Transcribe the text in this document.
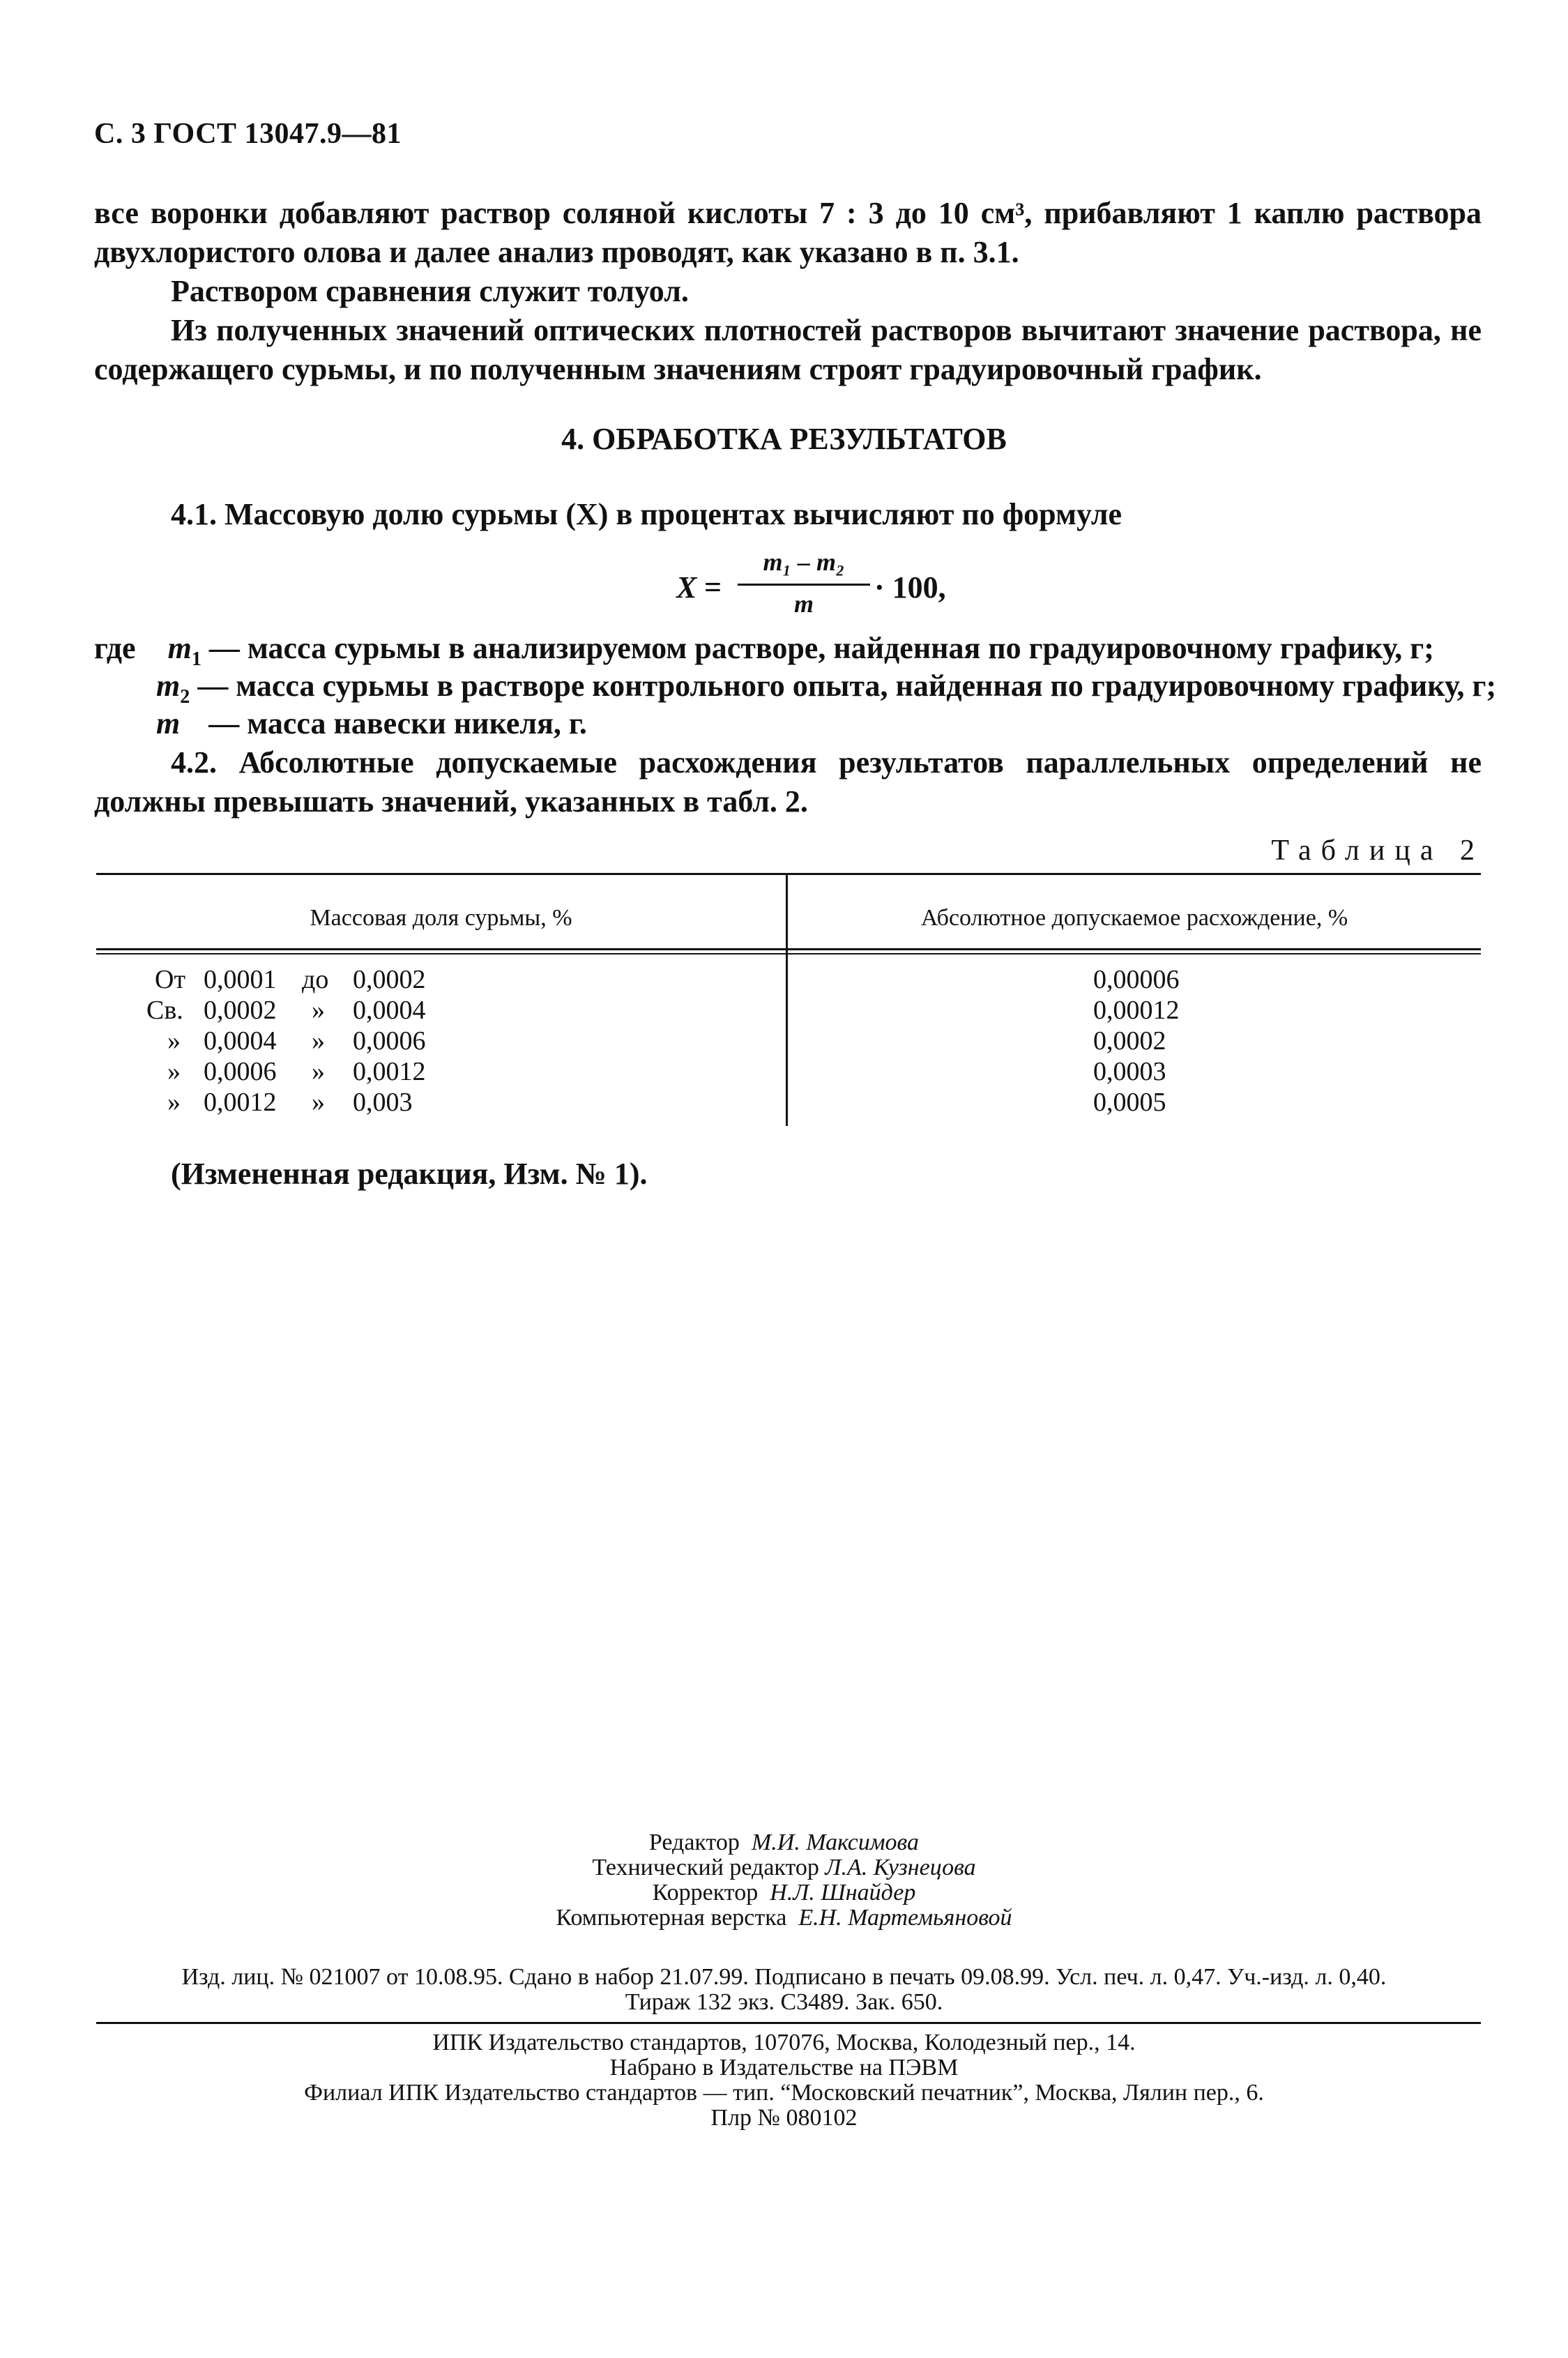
С. 3 ГОСТ 13047.9—81
все воронки добавляют раствор соляной кислоты 7 : 3 до 10 см³, прибавляют 1 каплю раствора двухлористого олова и далее анализ проводят, как указано в п. 3.1.
Раствором сравнения служит толуол.
Из полученных значений оптических плотностей растворов вычитают значение раствора, не содержащего сурьмы, и по полученным значениям строят градуировочный график.
4. ОБРАБОТКА РЕЗУЛЬТАТОВ
4.1. Массовую долю сурьмы (X) в процентах вычисляют по формуле
X =
m₁ – m₂
m	· 100,
где $m_1$ — масса сурьмы в анализируемом растворе, найденная по градуировочному графику, г;
$m_2$ — масса сурьмы в растворе контрольного опыта, найденная по градуировочному графику, г;
m — масса навески никеля, г.
4.2. Абсолютные допускаемые расхождения результатов параллельных определений не должны превышать значений, указанных в табл. 2.
Таблица 2
Массовая доля сурьмы, %	Абсолютное допускаемое расхождение, %
От 0,0001 до 0,0002	0,00006
Св. 0,0002 » 0,0004	0,00012
» 0,0004 » 0,0006	0,0002
» 0,0006 » 0,0012	0,0003
» 0,0012 » 0,003	0,0005
(Измененная редакция, Изм. № 1).
Редактор М.И. Максимова
Технический редактор Л.А. Кузнецова
Корректор Н.Л. Шнайдер
Компьютерная верстка Е.Н. Мартемьяновой
Изд. лиц. № 021007 от 10.08.95. Сдано в набор 21.07.99. Подписано в печать 09.08.99. Усл. печ. л. 0,47. Уч.-изд. л. 0,40.
Тираж 132 экз. С3489. Зак. 650.
ИПК Издательство стандартов, 107076, Москва, Колодезный пер., 14.
Набрано в Издательстве на ПЭВМ
Филиал ИПК Издательство стандартов — тип. “Московский печатник”, Москва, Лялин пер., 6.
Плр № 080102
